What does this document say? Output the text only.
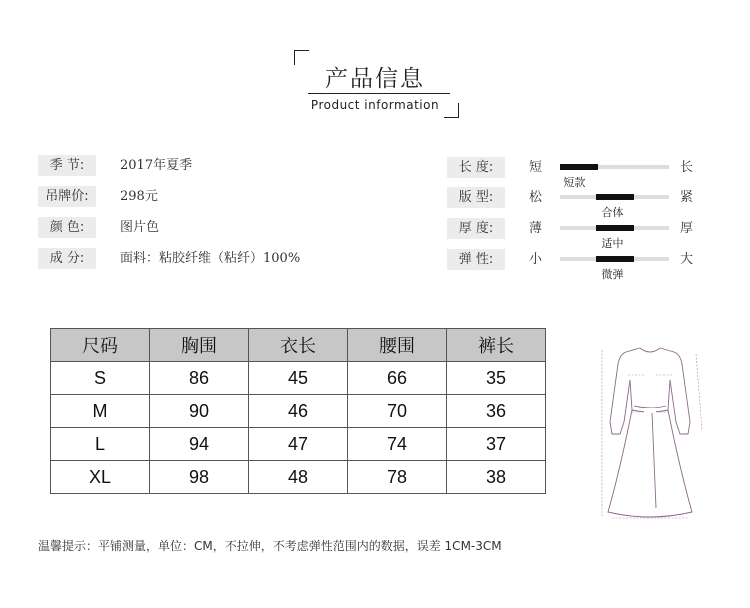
产品信息
Product information
季 节:	2017年夏季
吊牌价:	298元
颜 色:	图片色
成 分:	面料：粘胶纤维（粘纤）100%
长 度:	短
短款
长
版 型:	松
合体
紧
厚 度:	薄
适中
厚
弹 性:	小
微弹
大
尺码	胸围	衣长	腰围	裤长
S	86	45	66	35
M	90	46	70	36
L	94	47	74	37
XL	98	48	78	38
温馨提示：平铺测量，单位：CM，不拉伸，不考虑弹性范围内的数据，误差 1CM-3CM
